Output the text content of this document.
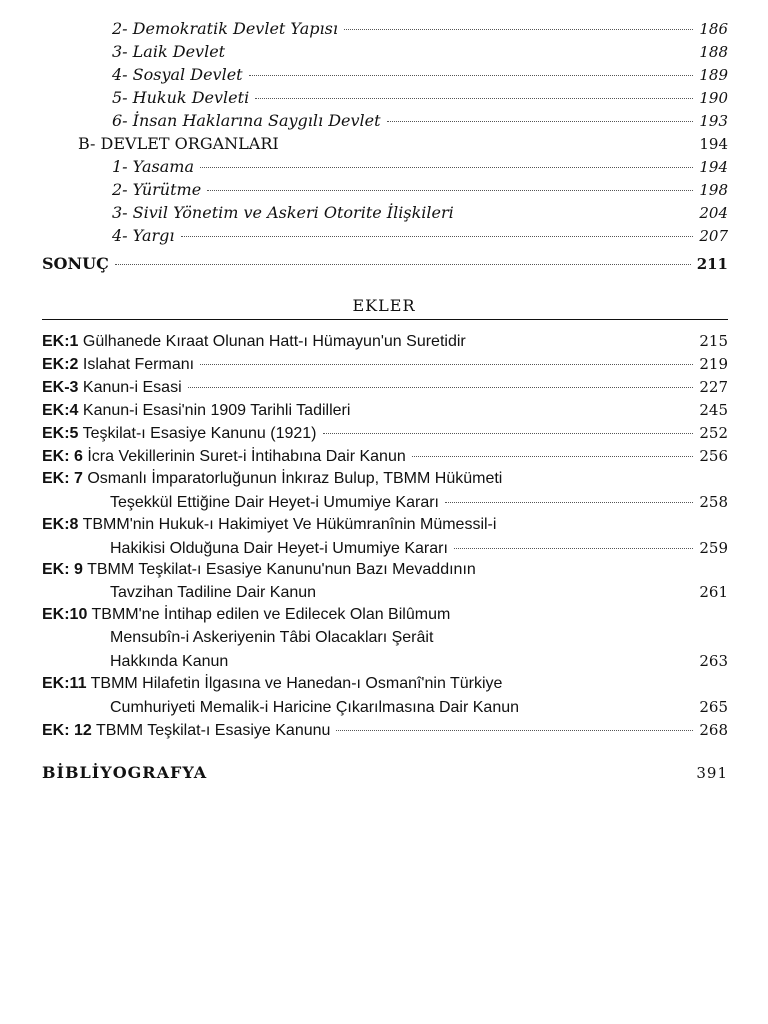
2- Demokratik Devlet Yapısı	186
3- Laik Devlet	188
4- Sosyal Devlet	189
5- Hukuk Devleti	190
6- İnsan Haklarına Saygılı Devlet	193
B- DEVLET ORGANLARI	194
1- Yasama	194
2- Yürütme	198
3- Sivil Yönetim ve Askeri Otorite İlişkileri	204
4- Yargı	207
SONUÇ	211
EKLER
EK:1 Gülhanede Kıraat Olunan Hatt-ı Hümayun'un Suretidir	215
EK:2 Islahat Fermanı	219
EK-3 Kanun-i Esasi	227
EK:4 Kanun-i Esasi'nin 1909 Tarihli Tadilleri	245
EK:5 Teşkilat-ı Esasiye Kanunu (1921)	252
EK: 6 İcra Vekillerinin Suret-i İntihabına Dair Kanun	256
EK: 7 Osmanlı İmparatorluğunun İnkıraz Bulup, TBMM Hükümeti
Teşekkül Ettiğine Dair Heyet-i Umumiye Kararı	258
EK:8 TBMM'nin Hukuk-ı Hakimiyet Ve Hükümranînin Mümessil-i
Hakikisi Olduğuna Dair Heyet-i Umumiye Kararı	259
EK: 9 TBMM Teşkilat-ı Esasiye Kanunu'nun Bazı Mevaddının
Tavzihan Tadiline Dair Kanun	261
EK:10 TBMM'ne İntihap edilen ve Edilecek Olan Bilûmum
Mensubîn-i Askeriyenin Tâbi Olacakları Şerâit
Hakkında Kanun	263
EK:11 TBMM Hilafetin İlgasına ve Hanedan-ı Osmanî'nin Türkiye
Cumhuriyeti Memalik-i Haricine Çıkarılmasına Dair Kanun	265
EK: 12 TBMM Teşkilat-ı Esasiye Kanunu	268
BİBLİYOGRAFYA	391
